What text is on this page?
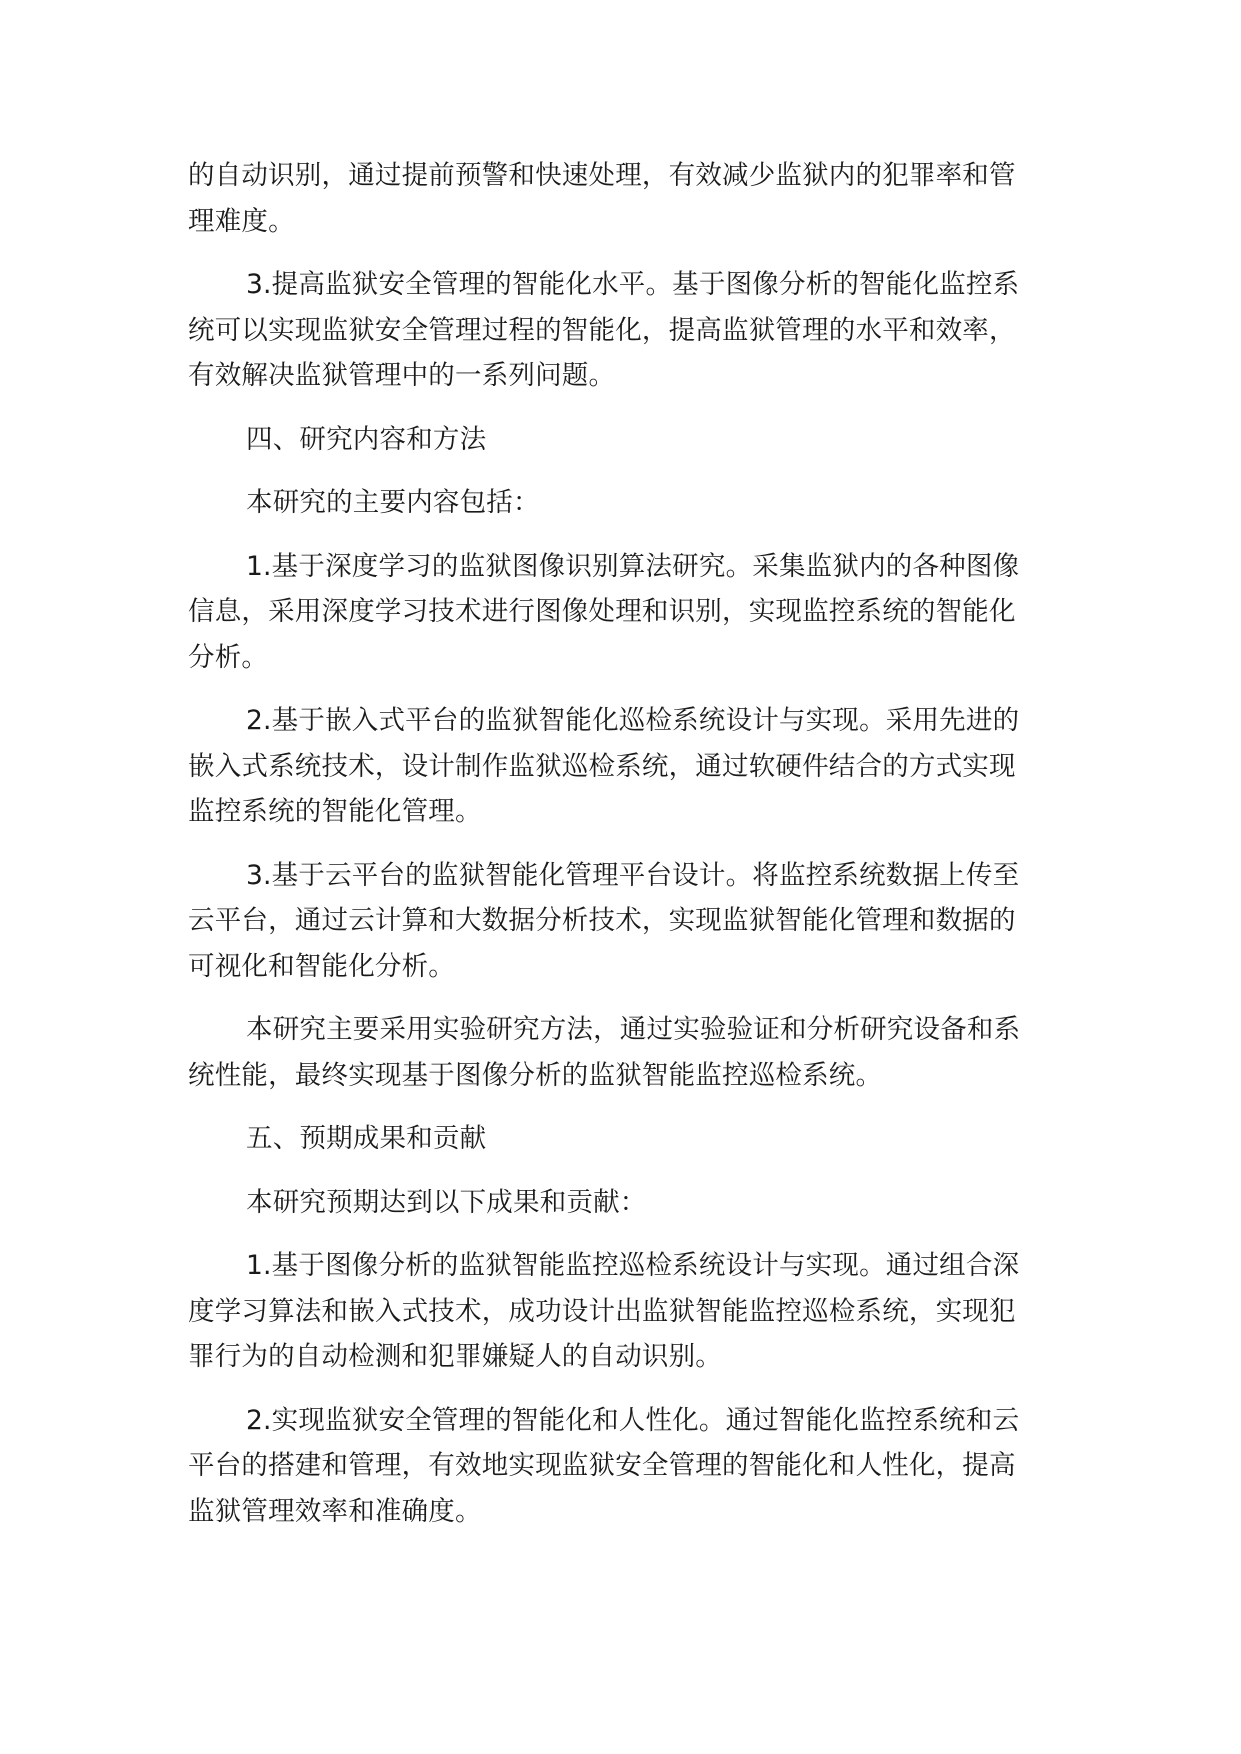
的自动识别，通过提前预警和快速处理，有效减少监狱内的犯罪率和管
理难度。
3.提高监狱安全管理的智能化水平。基于图像分析的智能化监控系
统可以实现监狱安全管理过程的智能化，提高监狱管理的水平和效率，
有效解决监狱管理中的一系列问题。
四、研究内容和方法
本研究的主要内容包括：
1.基于深度学习的监狱图像识别算法研究。采集监狱内的各种图像
信息，采用深度学习技术进行图像处理和识别，实现监控系统的智能化
分析。
2.基于嵌入式平台的监狱智能化巡检系统设计与实现。采用先进的
嵌入式系统技术，设计制作监狱巡检系统，通过软硬件结合的方式实现
监控系统的智能化管理。
3.基于云平台的监狱智能化管理平台设计。将监控系统数据上传至
云平台，通过云计算和大数据分析技术，实现监狱智能化管理和数据的
可视化和智能化分析。
本研究主要采用实验研究方法，通过实验验证和分析研究设备和系
统性能，最终实现基于图像分析的监狱智能监控巡检系统。
五、预期成果和贡献
本研究预期达到以下成果和贡献：
1.基于图像分析的监狱智能监控巡检系统设计与实现。通过组合深
度学习算法和嵌入式技术，成功设计出监狱智能监控巡检系统，实现犯
罪行为的自动检测和犯罪嫌疑人的自动识别。
2.实现监狱安全管理的智能化和人性化。通过智能化监控系统和云
平台的搭建和管理，有效地实现监狱安全管理的智能化和人性化，提高
监狱管理效率和准确度。
